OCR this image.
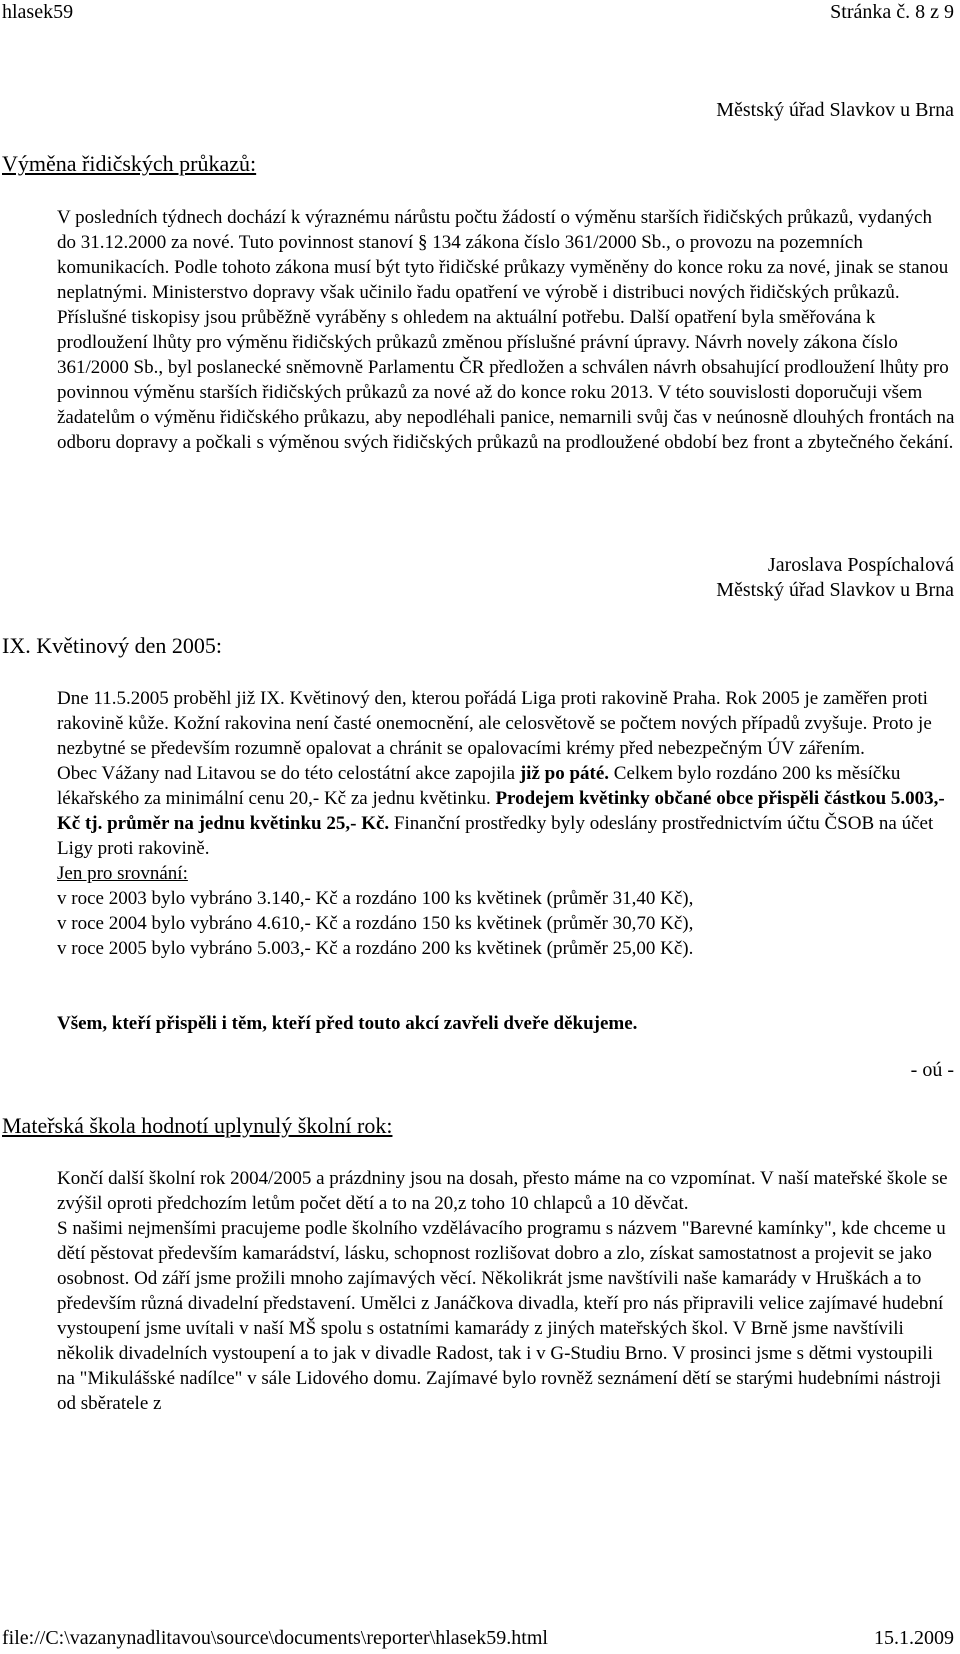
hlasek59	Stránka č. 8 z 9
Městský úřad Slavkov u Brna
Výměna řidičských průkazů:

V posledních týdnech dochází k výraznému nárůstu počtu žádostí o výměnu starších řidičských průkazů, vydaných do 31.12.2000 za nové. Tuto povinnost stanoví § 134 zákona číslo 361/2000 Sb., o provozu na pozemních komunikacích. Podle tohoto zákona musí být tyto řidičské průkazy vyměněny do konce roku za nové, jinak se stanou neplatnými. Ministerstvo dopravy však učinilo řadu opatření ve výrobě i distribuci nových řidičských průkazů. Příslušné tiskopisy jsou průběžně vyráběny s ohledem na aktuální potřebu. Další opatření byla směřována k prodloužení lhůty pro výměnu řidičských průkazů změnou příslušné právní úpravy. Návrh novely zákona číslo 361/2000 Sb., byl poslanecké sněmovně Parlamentu ČR předložen a schválen návrh obsahující prodloužení lhůty pro povinnou výměnu starších řidičských průkazů za nové až do konce roku 2013. V této souvislosti doporučuji všem žadatelům o výměnu řidičského průkazu, aby nepodléhali panice, nemarnili svůj čas v neúnosně dlouhých frontách na odboru dopravy a počkali s výměnou svých řidičských průkazů na prodloužené období bez front a zbytečného čekání.

Jaroslava Pospíchalová
Městský úřad Slavkov u Brna
IX. Květinový den 2005:

Dne 11.5.2005 proběhl již IX. Květinový den, kterou pořádá Liga proti rakovině Praha. Rok 2005 je zaměřen proti rakovině kůže. Kožní rakovina není časté onemocnění, ale celosvětově se počtem nových případů zvyšuje. Proto je nezbytné se především rozumně opalovat a chránit se opalovacími krémy před nebezpečným ÚV zářením.

Obec Vážany nad Litavou se do této celostátní akce zapojila již po páté. Celkem bylo rozdáno 200 ks měsíčku lékařského za minimální cenu 20,- Kč za jednu květinku. Prodejem květinky občané obce přispěli částkou 5.003,- Kč tj. průměr na jednu květinku 25,- Kč. Finanční prostředky byly odeslány prostřednictvím účtu ČSOB na účet Ligy proti rakovině.

Jen pro srovnání:

v roce 2003 bylo vybráno 3.140,- Kč a rozdáno 100 ks květinek (průměr 31,40 Kč),

v roce 2004 bylo vybráno 4.610,- Kč a rozdáno 150 ks květinek (průměr 30,70 Kč),

v roce 2005 bylo vybráno 5.003,- Kč a rozdáno 200 ks květinek (průměr 25,00 Kč).

Všem, kteří přispěli i těm, kteří před touto akcí zavřeli dveře děkujeme.

- oú -
Mateřská škola hodnotí uplynulý školní rok:

Končí další školní rok 2004/2005 a prázdniny jsou na dosah, přesto máme na co vzpomínat. V naší mateřské škole se zvýšil oproti předchozím letům počet dětí a to na 20,z toho 10 chlapců a 10 děvčat.

S našimi nejmenšími pracujeme podle školního vzdělávacího programu s názvem "Barevné kamínky", kde chceme u dětí pěstovat především kamarádství, lásku, schopnost rozlišovat dobro a zlo, získat samostatnost a projevit se jako osobnost. Od září jsme prožili mnoho zajímavých věcí. Několikrát jsme navštívili naše kamarády v Hruškách a to především různá divadelní představení. Umělci z Janáčkova divadla, kteří pro nás připravili velice zajímavé hudební vystoupení jsme uvítali v naší MŠ spolu s ostatními kamarády z jiných mateřských škol. V Brně jsme navštívili několik divadelních vystoupení a to jak v divadle Radost, tak i v G-Studiu Brno. V prosinci jsme s dětmi vystoupili na "Mikulášské nadílce" v sále Lidového domu. Zajímavé bylo rovněž seznámení dětí se starými hudebními nástroji od sběratele z

file://C:\vazanynadlitavou\source\documents\reporter\hlasek59.html	15.1.2009
